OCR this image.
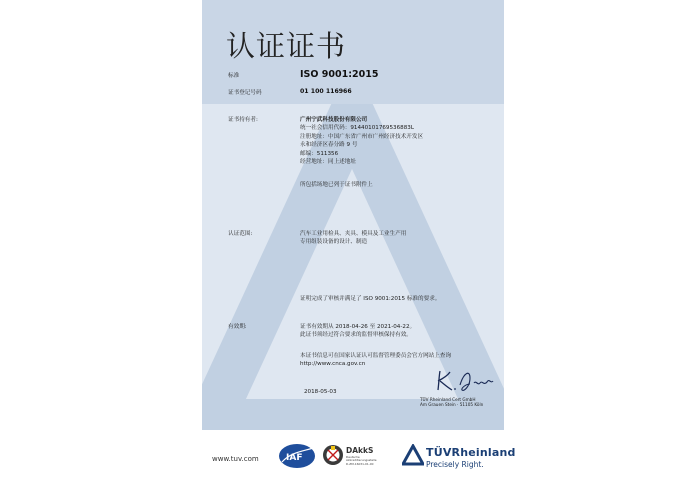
认证证书
标准	ISO 9001:2015
证书登记号码	01 100 116966
证书持有者:	广州宁武科技股份有限公司
统一社会信用代码：91440101769536883L
注册地址：中国广东省广州市广州经济技术开发区
永和经济区春分路 9 号
邮编：511356
经营地址：同上述地址
所包括场地已列于证书附件上
认证范围:	汽车工业用检具、夹具、模具及工业生产用
专用组装设备的设计、制造
证明完成了审核并满足了 ISO 9001:2015 标准的要求。
有效期:	证书有效期从 2018-04-26 至 2021-04-22。
此证书须经过符合要求的监督审核保持有效。
本证书信息可在国家认证认可监督管理委员会官方网站上查询
http://www.cnca.gov.cn
2018-05-03
TÜV Rheinland Cert GmbH
Am Grauen Stein · 51105 Köln
www.tuv.com	IAF
DAkkS
Deutsche
Akkreditierungsstelle
D-ZM-16031-01-00
TÜVRheinland
Precisely Right.
